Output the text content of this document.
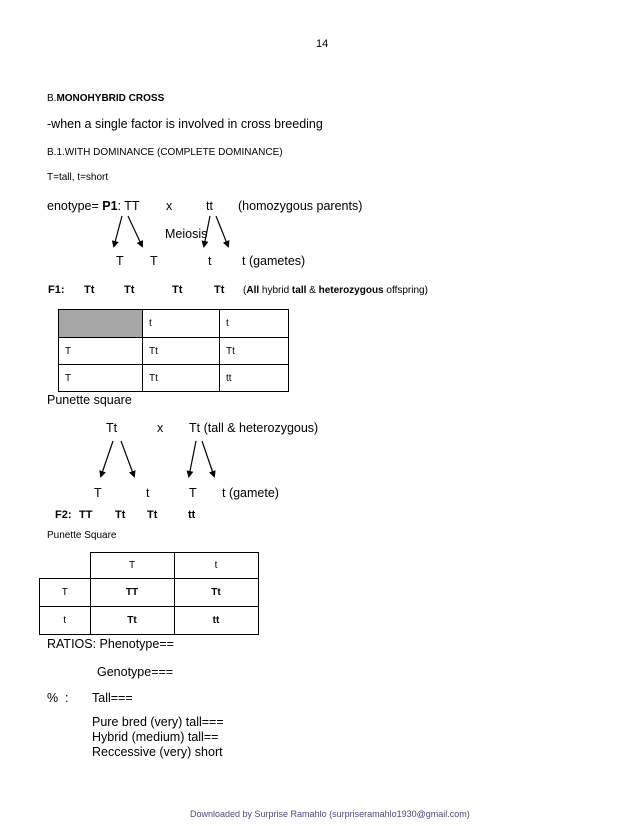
14
B.MONOHYBRID CROSS
-when a single factor is involved in cross breeding
B.1.WITH DOMINANCE (COMPLETE DOMINANCE)
T=tall, t=short
enotype= P1: TT x	tt (homozygous parents)
Meiosis
T T	t t (gametes)
F1: Tt	Tt	Tt	Tt (All hybrid tall & heterozygous offspring)
	t	t
T	Tt	Tt
T	Tt	tt
Punette square
Tt	x Tt (tall & heterozygous)
T	t	T t (gamete)
F2: TT Tt Tt	tt
Punette Square
	T	t
T	TT	Tt
t	Tt	tt
RATIOS: Phenotype==
Genotype===
% : Tall===
Pure bred (very) tall===
Hybrid (medium) tall==
Reccessive (very) short
Downloaded by Surprise Ramahlo (surpriseramahlo1930@gmail.com)
